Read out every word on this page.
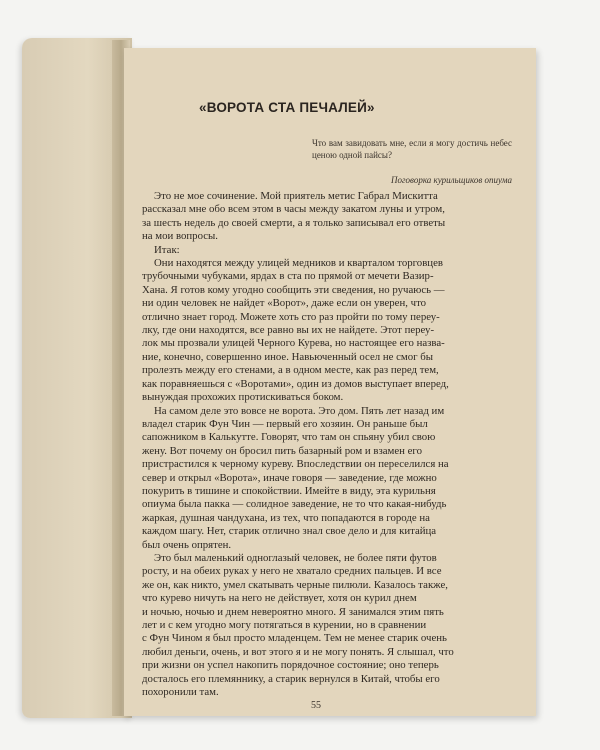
«ВОРОТА СТА ПЕЧАЛЕЙ»
Что вам завидовать мне, если я могу достичь небес ценою одной пайсы?
Поговорка курильщиков опиума
Это не мое сочинение. Мой приятель метис Габрал Мискитта
рассказал мне обо всем этом в часы между закатом луны и утром,
за шесть недель до своей смерти, а я только записывал его ответы
на мои вопросы.
Итак:
Они находятся между улицей медников и кварталом торговцев
трубочными чубуками, ярдах в ста по прямой от мечети Вазир-
Хана. Я готов кому угодно сообщить эти сведения, но ручаюсь —
ни один человек не найдет «Ворот», даже если он уверен, что
отлично знает город. Можете хоть сто раз пройти по тому переу-
лку, где они находятся, все равно вы их не найдете. Этот переу-
лок мы прозвали улицей Черного Курева, но настоящее его назва-
ние, конечно, совершенно иное. Навьюченный осел не смог бы
пролезть между его стенами, а в одном месте, как раз перед тем,
как поравняешься с «Воротами», один из домов выступает вперед,
вынуждая прохожих протискиваться боком.
На самом деле это вовсе не ворота. Это дом. Пять лет назад им
владел старик Фун Чин — первый его хозяин. Он раньше был
сапожником в Калькутте. Говорят, что там он спьяну убил свою
жену. Вот почему он бросил пить базарный ром и взамен его
пристрастился к черному куреву. Впоследствии он переселился на
север и открыл «Ворота», иначе говоря — заведение, где можно
покурить в тишине и спокойствии. Имейте в виду, эта курильня
опиума была пакка — солидное заведение, не то что какая-нибудь
жаркая, душная чандухана, из тех, что попадаются в городе на
каждом шагу. Нет, старик отлично знал свое дело и для китайца
был очень опрятен.
Это был маленький одноглазый человек, не более пяти футов
росту, и на обеих руках у него не хватало средних пальцев. И все
же он, как никто, умел скатывать черные пилюли. Казалось также,
что курево ничуть на него не действует, хотя он курил днем
и ночью, ночью и днем невероятно много. Я занимался этим пять
лет и с кем угодно могу потягаться в курении, но в сравнении
с Фун Чином я был просто младенцем. Тем не менее старик очень
любил деньги, очень, и вот этого я и не могу понять. Я слышал, что
при жизни он успел накопить порядочное состояние; оно теперь
досталось его племяннику, а старик вернулся в Китай, чтобы его
похоронили там.
55
